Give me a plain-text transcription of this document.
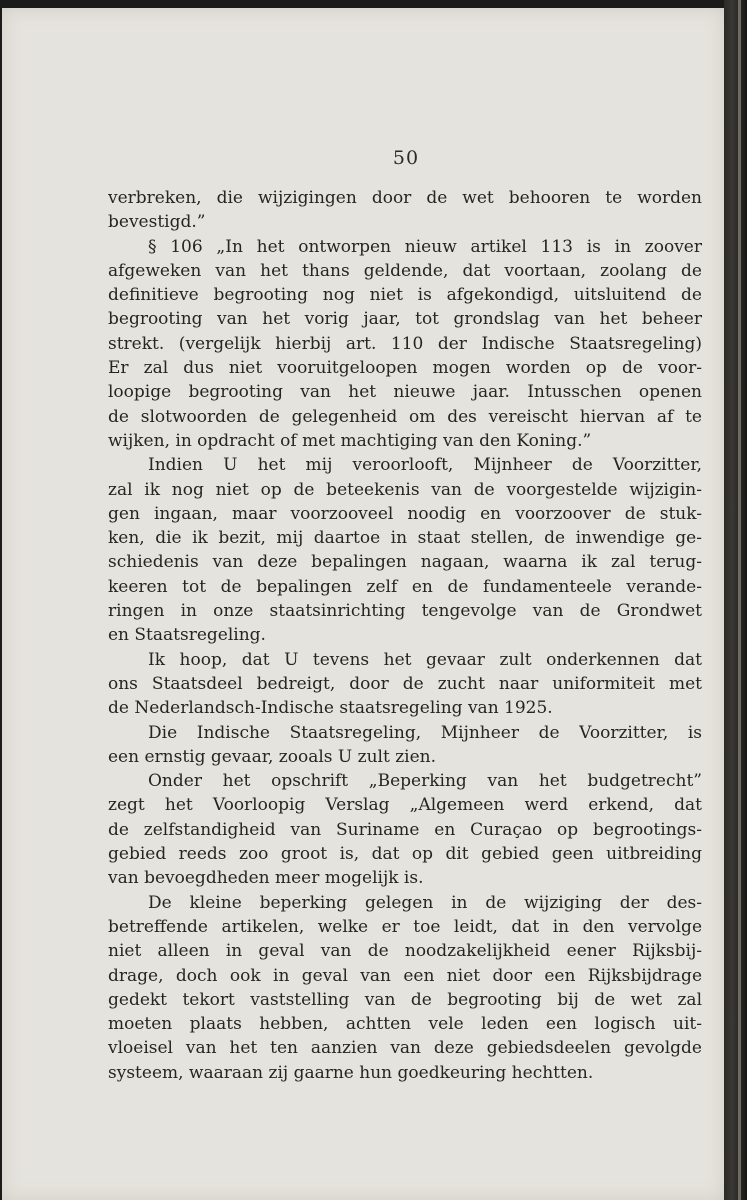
50

verbreken, die wijzigingen door de wet behooren te worden
bevestigd.”

§ 106 „In het ontworpen nieuw artikel 113 is in zoover
afgeweken van het thans geldende, dat voortaan, zoolang de
definitieve begrooting nog niet is afgekondigd, uitsluitend de
begrooting van het vorig jaar, tot grondslag van het beheer
strekt. (vergelijk hierbij art. 110 der Indische Staatsregeling)
Er zal dus niet vooruitgeloopen mogen worden op de voor-
loopige begrooting van het nieuwe jaar. Intusschen openen
de slotwoorden de gelegenheid om des vereischt hiervan af te
wijken, in opdracht of met machtiging van den Koning.”

Indien U het mij veroorlooft, Mijnheer de Voorzitter,
zal ik nog niet op de beteekenis van de voorgestelde wijzigin-
gen ingaan, maar voorzooveel noodig en voorzoover de stuk-
ken, die ik bezit, mij daartoe in staat stellen, de inwendige ge-
schiedenis van deze bepalingen nagaan, waarna ik zal terug-
keeren tot de bepalingen zelf en de fundamenteele verande-
ringen in onze staatsinrichting tengevolge van de Grondwet
en Staatsregeling.

Ik hoop, dat U tevens het gevaar zult onderkennen dat
ons Staatsdeel bedreigt, door de zucht naar uniformiteit met
de Nederlandsch-Indische staatsregeling van 1925.

Die Indische Staatsregeling, Mijnheer de Voorzitter, is
een ernstig gevaar, zooals U zult zien.

Onder het opschrift „Beperking van het budgetrecht”
zegt het Voorloopig Verslag „Algemeen werd erkend, dat
de zelfstandigheid van Suriname en Curaçao op begrootings-
gebied reeds zoo groot is, dat op dit gebied geen uitbreiding
van bevoegdheden meer mogelijk is.

De kleine beperking gelegen in de wijziging der des-
betreffende artikelen, welke er toe leidt, dat in den vervolge
niet alleen in geval van de noodzakelijkheid eener Rijksbij-
drage, doch ook in geval van een niet door een Rijksbijdrage
gedekt tekort vaststelling van de begrooting bij de wet zal
moeten plaats hebben, achtten vele leden een logisch uit-
vloeisel van het ten aanzien van deze gebiedsdeelen gevolgde
systeem, waaraan zij gaarne hun goedkeuring hechtten.
